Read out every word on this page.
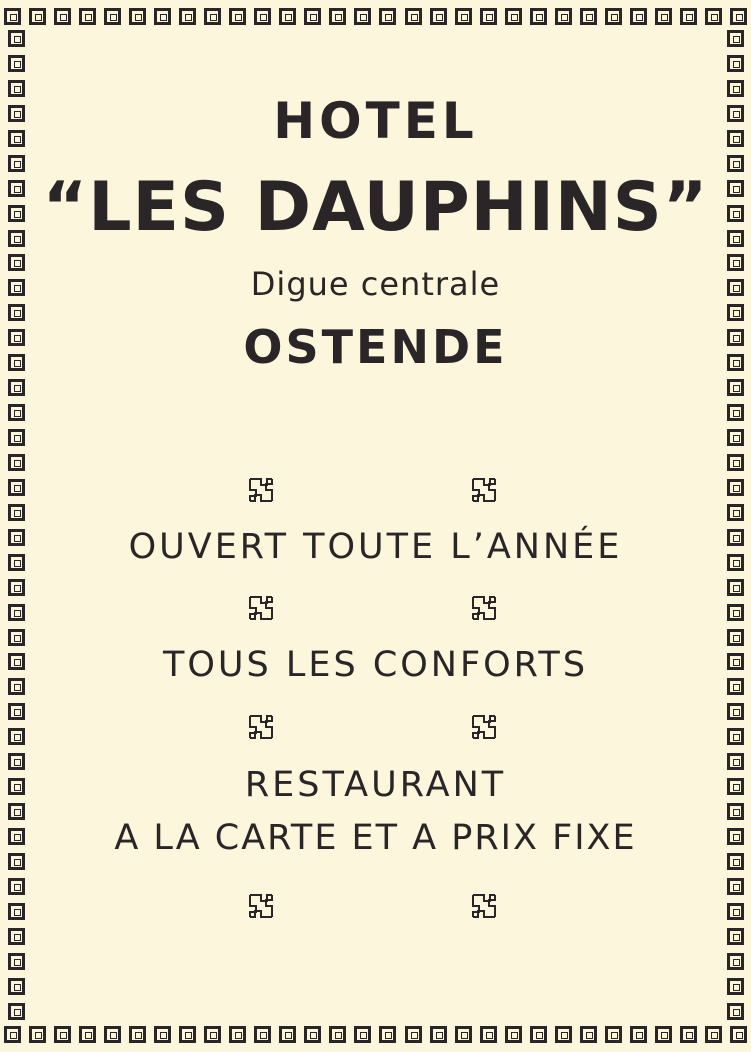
HOTEL
“LES DAUPHINS”
Digue centrale
OSTENDE
OUVERT TOUTE L’ANNÉE
TOUS LES CONFORTS
RESTAURANT
A LA CARTE ET A PRIX FIXE
